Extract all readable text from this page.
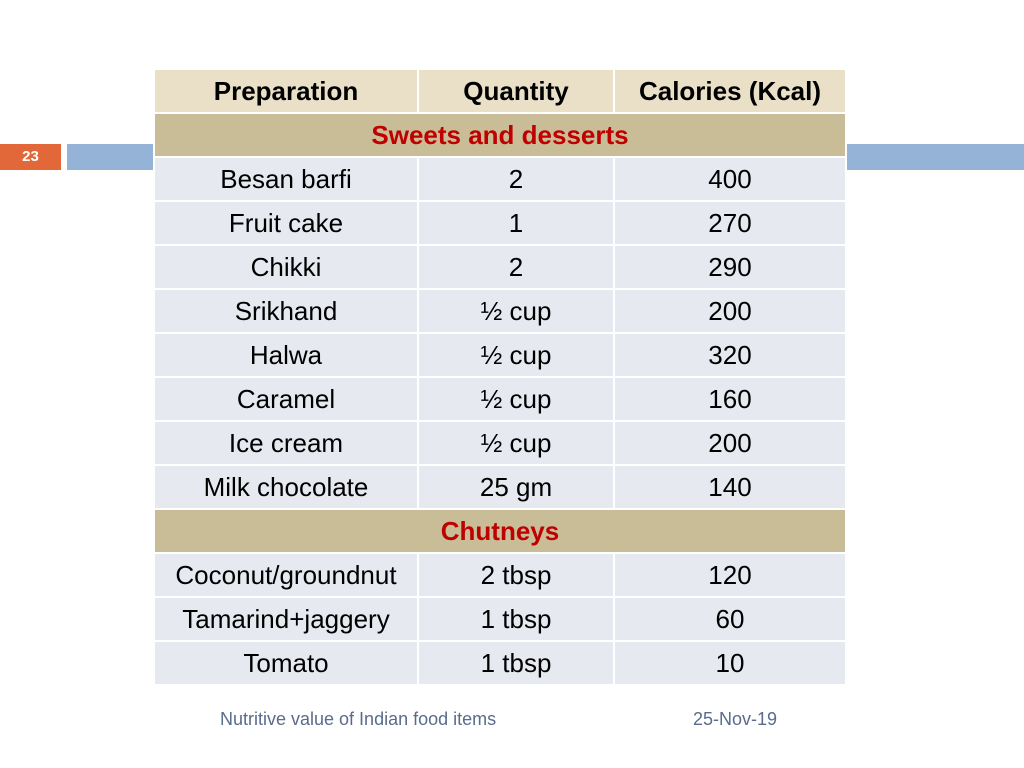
23
Preparation	Quantity	Calories (Kcal)
Sweets and desserts		
Besan barfi	2	400
Fruit cake	1	270
Chikki	2	290
Srikhand	½ cup	200
Halwa	½ cup	320
Caramel	½ cup	160
Ice cream	½ cup	200
Milk chocolate	25 gm	140
Chutneys		
Coconut/groundnut	2 tbsp	120
Tamarind+jaggery	1 tbsp	60
Tomato	1 tbsp	10
Nutritive value of Indian food items	25-Nov-19
